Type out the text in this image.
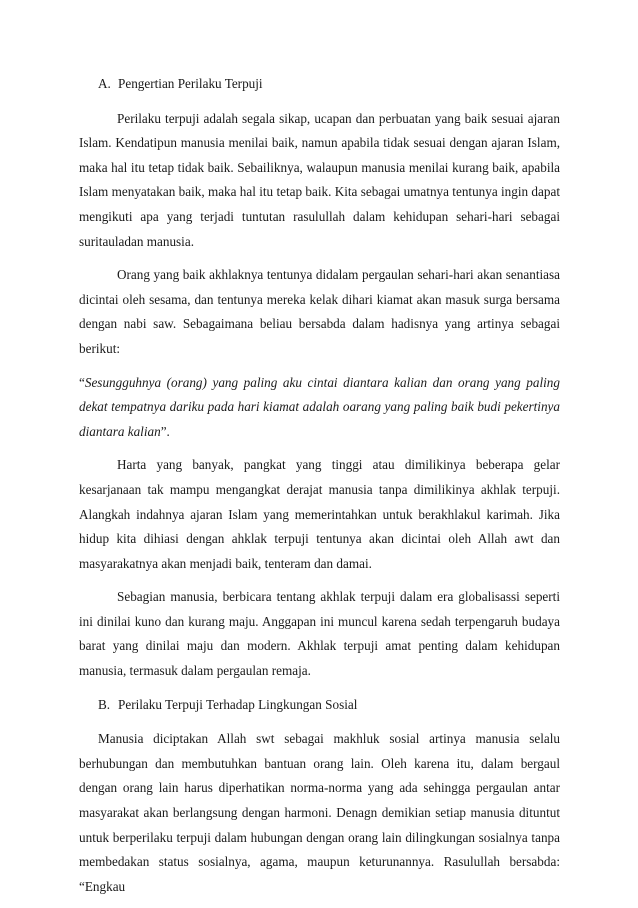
A. Pengertian Perilaku Terpuji

Perilaku terpuji adalah segala sikap, ucapan dan perbuatan yang baik sesuai ajaran Islam. Kendatipun manusia menilai baik, namun apabila tidak sesuai dengan ajaran Islam, maka hal itu tetap tidak baik. Sebailiknya, walaupun manusia menilai kurang baik, apabila Islam menyatakan baik, maka hal itu tetap baik. Kita sebagai umatnya tentunya ingin dapat mengikuti apa yang terjadi tuntutan rasulullah dalam kehidupan sehari-hari sebagai suritauladan manusia.

Orang yang baik akhlaknya tentunya didalam pergaulan sehari-hari akan senantiasa dicintai oleh sesama, dan tentunya mereka kelak dihari kiamat akan masuk surga bersama dengan nabi saw. Sebagaimana beliau bersabda dalam hadisnya yang artinya sebagai berikut:

“Sesungguhnya (orang) yang paling aku cintai diantara kalian dan orang yang paling dekat tempatnya dariku pada hari kiamat adalah oarang yang paling baik budi pekertinya diantara kalian”.

Harta yang banyak, pangkat yang tinggi atau dimilikinya beberapa gelar kesarjanaan tak mampu mengangkat derajat manusia tanpa dimilikinya akhlak terpuji. Alangkah indahnya ajaran Islam yang memerintahkan untuk berakhlakul karimah. Jika hidup kita dihiasi dengan ahklak terpuji tentunya akan dicintai oleh Allah awt dan masyarakatnya akan menjadi baik, tenteram dan damai.

Sebagian manusia, berbicara tentang akhlak terpuji dalam era globalisassi seperti ini dinilai kuno dan kurang maju. Anggapan ini muncul karena sedah terpengaruh budaya barat yang dinilai maju dan modern. Akhlak terpuji amat penting dalam kehidupan manusia, termasuk dalam pergaulan remaja.

B. Perilaku Terpuji Terhadap Lingkungan Sosial

Manusia diciptakan Allah swt sebagai makhluk sosial artinya manusia selalu berhubungan dan membutuhkan bantuan orang lain. Oleh karena itu, dalam bergaul dengan orang lain harus diperhatikan norma-norma yang ada sehingga pergaulan antar masyarakat akan berlangsung dengan harmoni. Denagn demikian setiap manusia dituntut untuk berperilaku terpuji dalam hubungan dengan orang lain dilingkungan sosialnya tanpa membedakan status sosialnya, agama, maupun keturunannya. Rasulullah bersabda: “Engkau
